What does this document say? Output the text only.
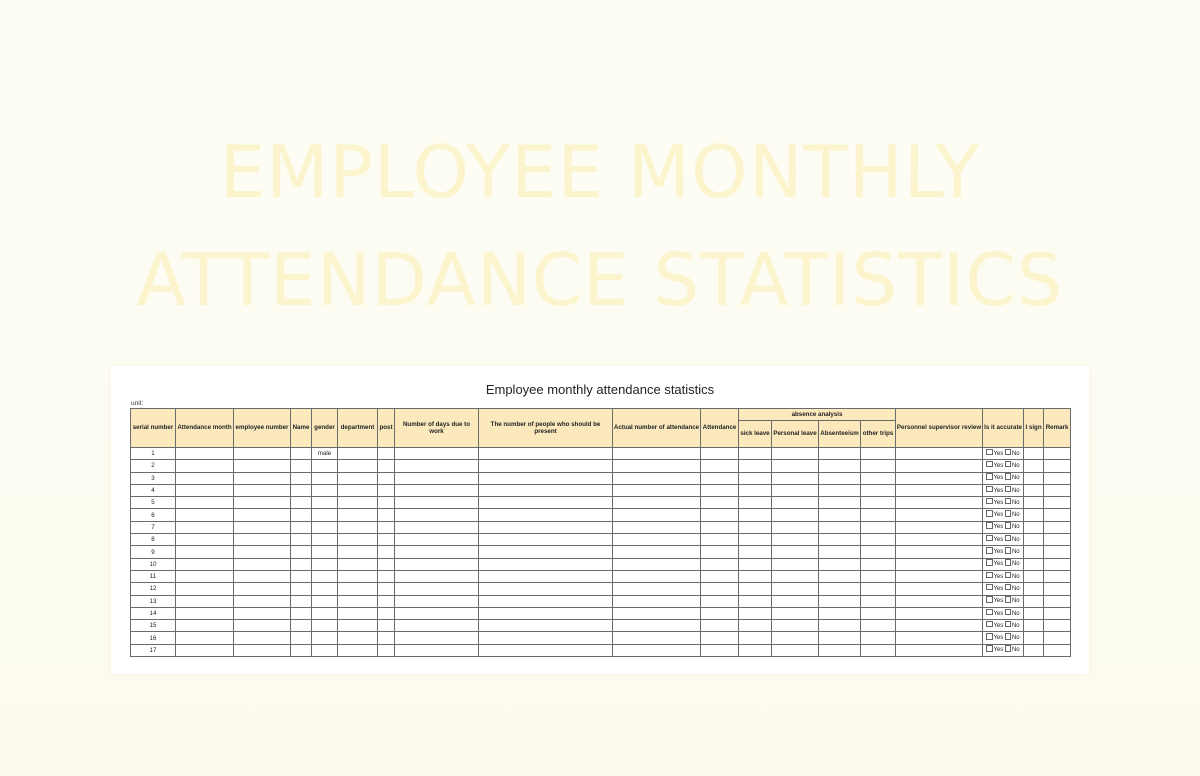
EMPLOYEE MONTHLY
ATTENDANCE STATISTICS
Employee monthly attendance statistics
unit:
serial number	Attendance month	employee number	Name	gender	department	post	Number of days due to work	The number of people who should be present	Actual number of attendance	Attendance	absence analysis				Personnel supervisor review	Is it accurate	I sign	Remark
											sick leave	Personal leave	Absenteeism	other trips				
1				male												Yes No		
2																Yes No		
3																Yes No		
4																Yes No		
5																Yes No		
6																Yes No		
7																Yes No		
8																Yes No		
9																Yes No		
10																Yes No		
11																Yes No		
12																Yes No		
13																Yes No		
14																Yes No		
15																Yes No		
16																Yes No		
17																Yes No		
